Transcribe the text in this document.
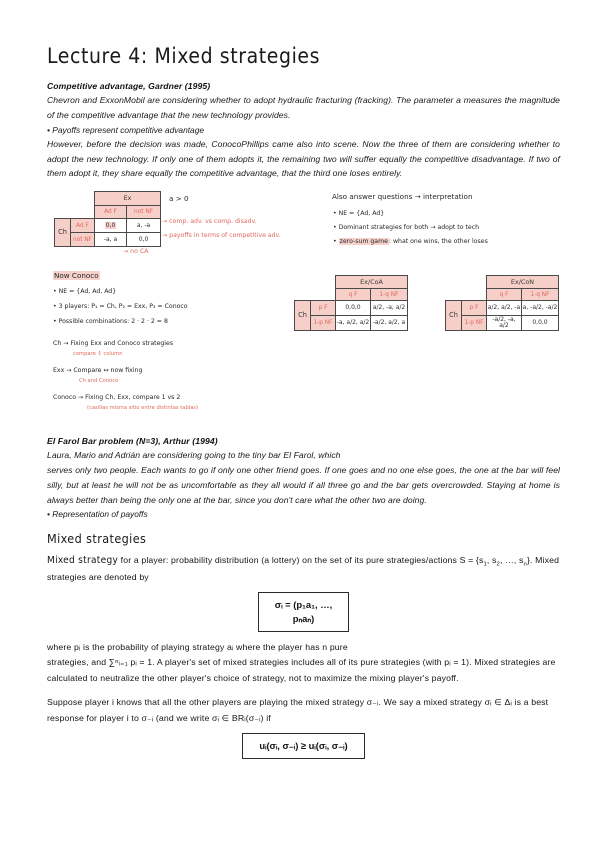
Lecture 4: Mixed strategies
Competitive advantage, Gardner (1995)

Chevron and ExxonMobil are considering whether to adopt hydraulic fracturing (fracking). The parameter a measures the magnitude of the competitive advantage that the new technology provides.

• Payoffs represent competitive advantage

However, before the decision was made, ConocoPhillips came also into scene. Now the three of them are considering whether to adopt the new technology. If only one of them adopts it, the remaining two will suffer equally the competitive disadvantage. If two of them adopt it, they share equally the competitive advantage, that the third one loses entirely.

		Ex	
		Ad F	not NF
Ch	Ad F	0,0	a, -a
	not NF	-a, a	0,0
a > 0
→ comp. adv. vs comp. disadv.
→ payoffs in terms of competitive adv.
→ no CA
Also answer questions → interpretation
• NE = {Ad, Ad}
• Dominant strategies for both → adopt to tech
• zero-sum game: what one wins, the other loses
Now Conoco
• NE = {Ad, Ad, Ad}
• 3 players: P₁ = Ch, P₂ = Exx, P₃ = Conoco
• Possible combinations: 2 · 2 · 2 = 8
Ch → Fixing Exx and Conoco strategies
compare ↕ column
Exx → Compare ↔ now fixing
Ch and Conoco
Conoco → Fixing Ch, Exx, compare 1 vs 2
(casillas misma sitio entre distintas tablas)
		Ex/CoA	
		q F	1-q NF
Ch	p F	0,0,0	a/2, -a, a/2
	1-p NF	-a, a/2, a/2	-a/2, a/2, a
		Ex/CoN	
		q F	1-q NF
Ch	p F	a/2, a/2, -a	a, -a/2, -a/2
	1-p NF	-a/2, -a, a/2	0,0,0
El Farol Bar problem (N=3), Arthur (1994)

Laura, Mario and Adrián are considering going to the tiny bar El Farol, which

serves only two people. Each wants to go if only one other friend goes. If one goes and no one else goes, the one at the bar will feel silly, but at least he will not be as uncomfortable as they all would if all three go and the bar gets overcrowded. Staying at home is always better than being the only one at the bar, since you don't care what the other two are doing.

• Representation of payoffs
Mixed strategies

Mixed strategy for a player: probability distribution (a lottery) on the set of its pure strategies/actions $S = \{s_1$, $s_2$, …, $s_n$}. Mixed strategies are denoted by

σᵢ = (p₁a₁, …,
pₙaₙ)

where pᵢ is the probability of playing strategy aᵢ where the player has n pure

strategies, and ∑ⁿᵢ₌₁ pᵢ = 1. A player's set of mixed strategies includes all of its pure strategies (with pᵢ = 1). Mixed strategies are calculated to neutralize the other player's choice of strategy, not to maximize the mixing player's payoff.

Suppose player i knows that all the other players are playing the mixed strategy σ₋ᵢ. We say a mixed strategy σᵢ ∈ Δᵢ is a best response for player i to σ₋ᵢ (and we write σᵢ ∈ BRᵢ(σ₋ᵢ) if

uᵢ(σᵢ, σ₋ᵢ) ≥ uᵢ(σᵢ, σ₋ᵢ)
